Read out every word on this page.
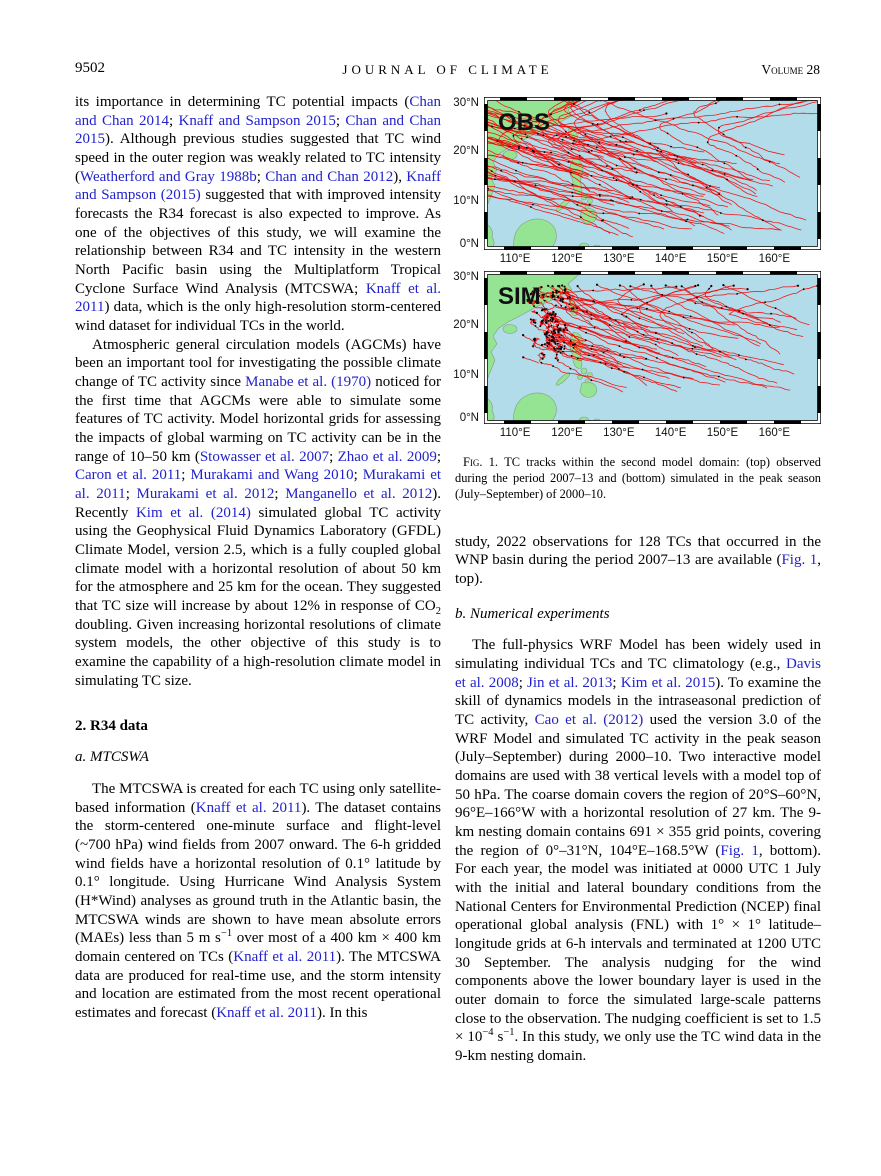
9502	JOURNAL OF CLIMATE	Volume 28

its importance in determining TC potential impacts (Chan and Chan 2014; Knaff and Sampson 2015; Chan and Chan 2015). Although previous studies suggested that TC wind speed in the outer region was weakly related to TC intensity (Weatherford and Gray 1988b; Chan and Chan 2012), Knaff and Sampson (2015) suggested that with improved intensity forecasts the R34 forecast is also expected to improve. As one of the objectives of this study, we will examine the relationship between R34 and TC intensity in the western North Pacific basin using the Multiplatform Tropical Cyclone Surface Wind Analysis (MTCSWA; Knaff et al. 2011) data, which is the only high-resolution storm-centered wind dataset for individual TCs in the world.

Atmospheric general circulation models (AGCMs) have been an important tool for investigating the possible climate change of TC activity since Manabe et al. (1970) noticed for the first time that AGCMs were able to simulate some features of TC activity. Model horizontal grids for assessing the impacts of global warming on TC activity can be in the range of 10–50 km (Stowasser et al. 2007; Zhao et al. 2009; Caron et al. 2011; Murakami and Wang 2010; Murakami et al. 2011; Murakami et al. 2012; Manganello et al. 2012). Recently Kim et al. (2014) simulated global TC activity using the Geophysical Fluid Dynamics Laboratory (GFDL) Climate Model, version 2.5, which is a fully coupled global climate model with a horizontal resolution of about 50 km for the atmosphere and 25 km for the ocean. They suggested that TC size will increase by about 12% in response of $CO_2$ doubling. Given increasing horizontal resolutions of climate system models, the other objective of this study is to examine the capability of a high-resolution climate model in simulating TC size.

2. R34 data
a. MTCSWA

The MTCSWA is created for each TC using only satellite-based information (Knaff et al. 2011). The dataset contains the storm-centered one-minute surface and flight-level (~700 hPa) wind fields from 2007 onward. The 6-h gridded wind fields have a horizontal resolution of 0.1° latitude by 0.1° longitude. Using Hurricane Wind Analysis System (H*Wind) analyses as ground truth in the Atlantic basin, the MTCSWA winds are shown to have mean absolute errors (MAEs) less than 5 m $s^{-1}$ over most of a 400 km × 400 km domain centered on TCs (Knaff et al. 2011). The MTCSWA data are produced for real-time use, and the storm intensity and location are estimated from the most recent operational estimates and forecast (Knaff et al. 2011). In this

30°N
20°N
10°N
0°N
OBS
110°E 120°E 130°E 140°E 150°E 160°E
30°N
20°N
10°N
0°N
SIM
110°E 120°E 130°E 140°E 150°E 160°E
Fig. 1. TC tracks within the second model domain: (top) observed during the period 2007–13 and (bottom) simulated in the peak season (July–September) of 2000–10.

study, 2022 observations for 128 TCs that occurred in the WNP basin during the period 2007–13 are available (Fig. 1, top).

b. Numerical experiments

The full-physics WRF Model has been widely used in simulating individual TCs and TC climatology (e.g., Davis et al. 2008; Jin et al. 2013; Kim et al. 2015). To examine the skill of dynamics models in the intraseasonal prediction of TC activity, Cao et al. (2012) used the version 3.0 of the WRF Model and simulated TC activity in the peak season (July–September) during 2000–10. Two interactive model domains are used with 38 vertical levels with a model top of 50 hPa. The coarse domain covers the region of 20°S–60°N, 96°E–166°W with a horizontal resolution of 27 km. The 9-km nesting domain contains 691 × 355 grid points, covering the region of 0°–31°N, 104°E–168.5°W (Fig. 1, bottom). For each year, the model was initiated at 0000 UTC 1 July with the initial and lateral boundary conditions from the National Centers for Environmental Prediction (NCEP) final operational global analysis (FNL) with 1° × 1° latitude–longitude grids at 6-h intervals and terminated at 1200 UTC 30 September. The analysis nudging for the wind components above the lower boundary layer is used in the outer domain to force the simulated large-scale patterns close to the observation. The nudging coefficient is set to $1.5 \times 10^{-4}$ $s^{-1}$. In this study, we only use the TC wind data in the 9-km nesting domain.
